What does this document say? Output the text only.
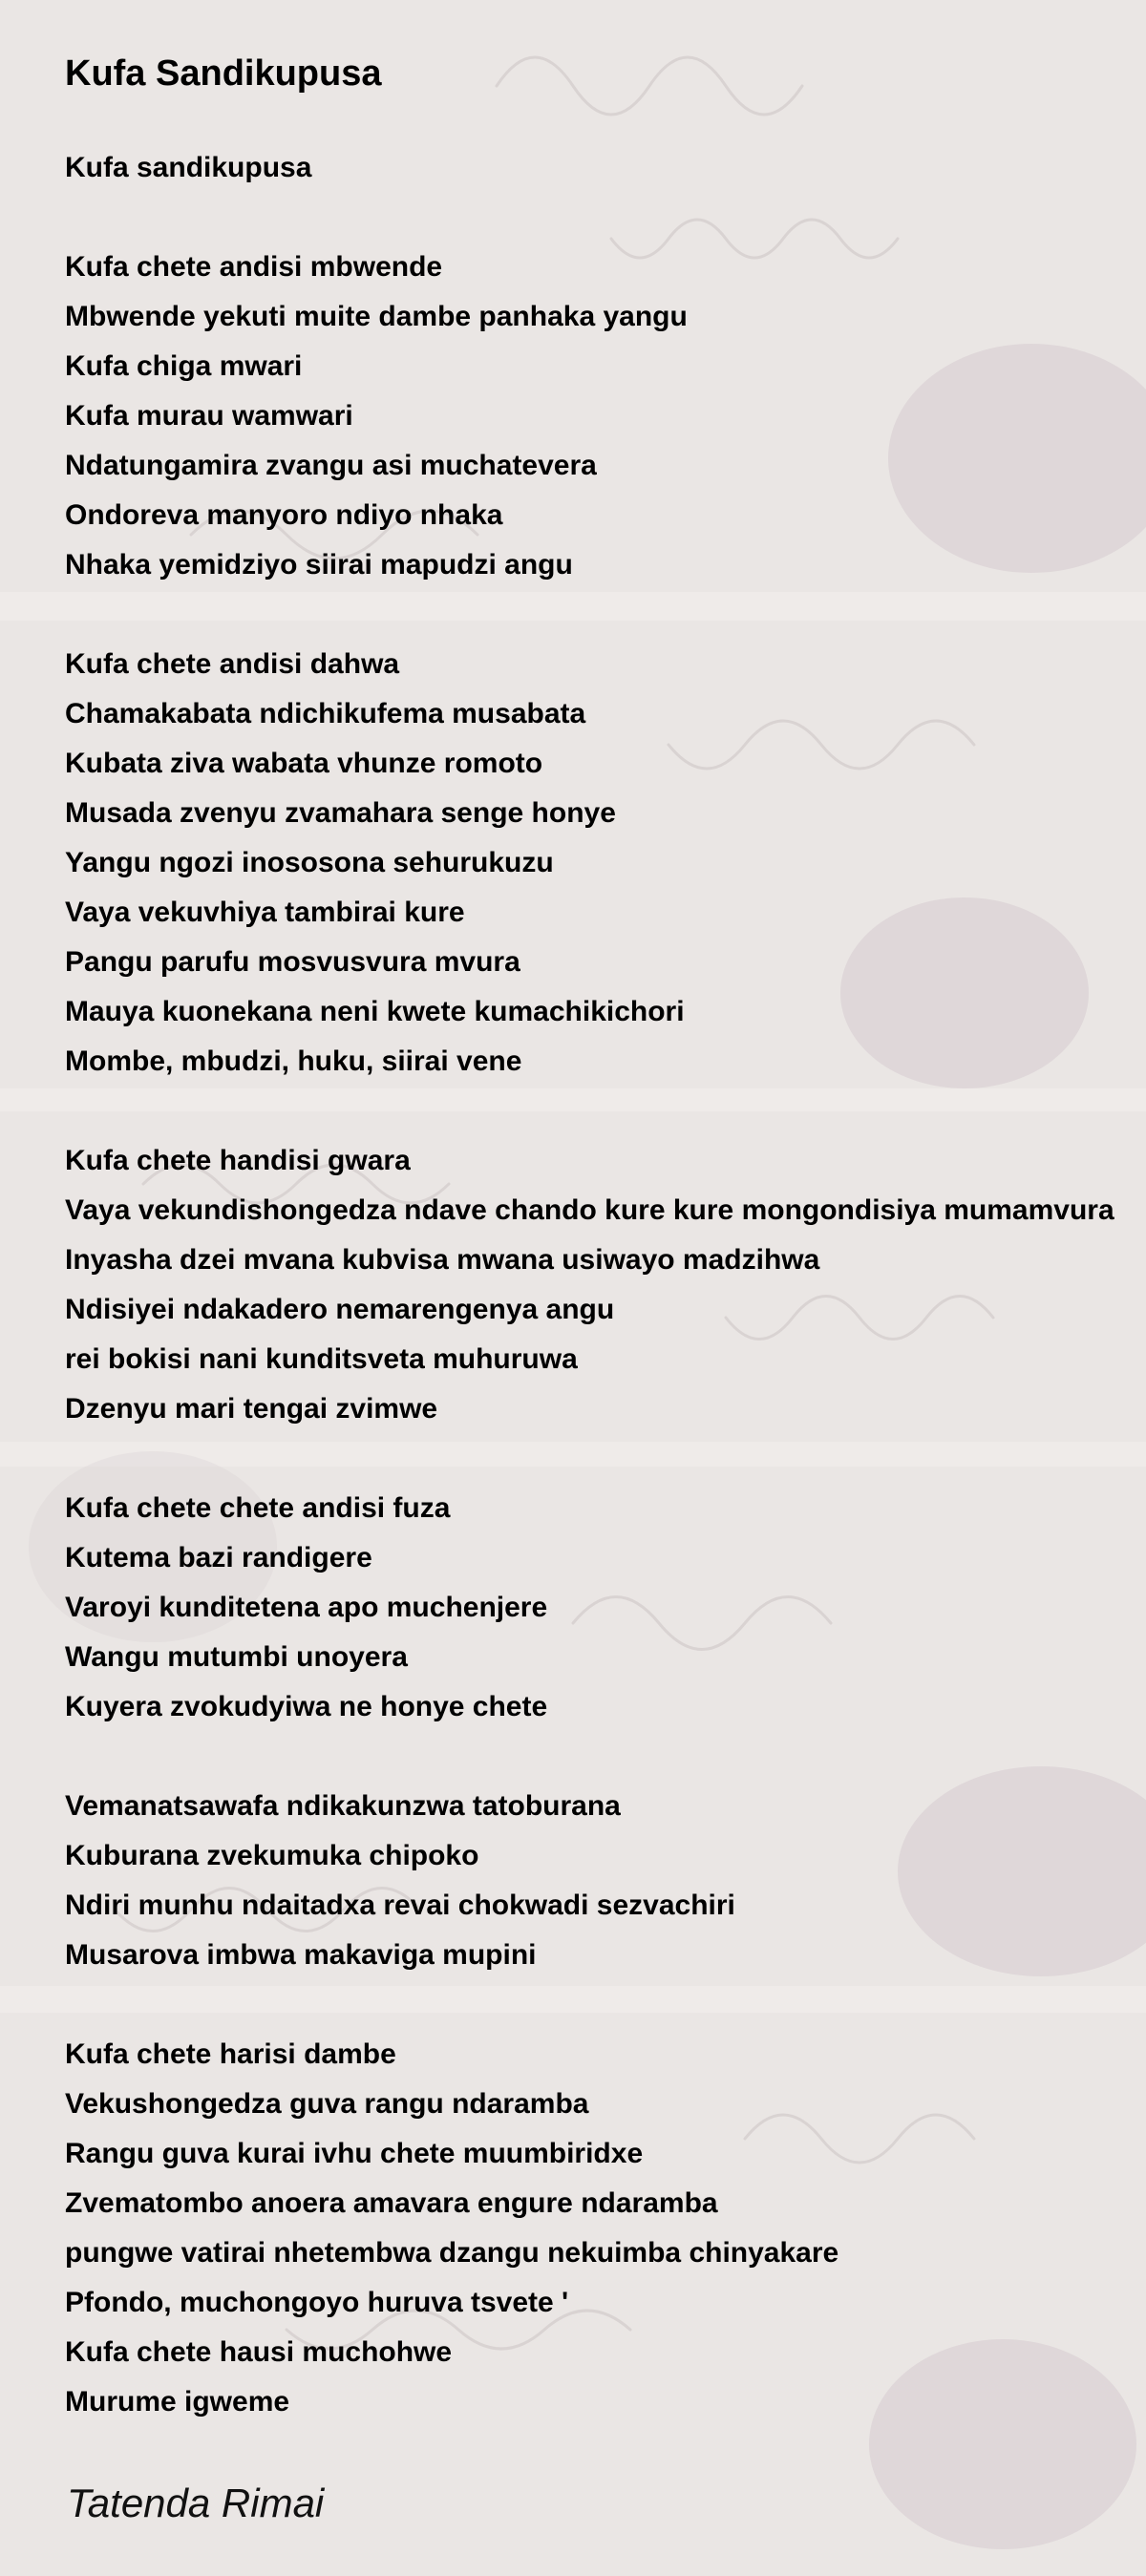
Kufa Sandikupusa
Kufa sandikupusa
Kufa chete andisi mbwende
Mbwende yekuti muite dambe panhaka yangu
Kufa chiga mwari
Kufa murau wamwari
Ndatungamira zvangu asi muchatevera
Ondoreva manyoro ndiyo nhaka
Nhaka yemidziyo siirai mapudzi angu
Kufa chete andisi dahwa
Chamakabata ndichikufema musabata
Kubata ziva wabata vhunze romoto
Musada zvenyu zvamahara senge honye
Yangu ngozi inososona sehurukuzu
Vaya vekuvhiya tambirai kure
Pangu parufu mosvusvura mvura
Mauya kuonekana neni kwete kumachikichori
Mombe, mbudzi, huku, siirai vene
Kufa chete handisi gwara
Vaya vekundishongedza ndave chando kure kure mongondisiya mumamvura
Inyasha dzei mvana kubvisa mwana usiwayo madzihwa
Ndisiyei ndakadero nemarengenya angu
rei bokisi nani kunditsveta muhuruwa
Dzenyu mari tengai zvimwe
Kufa chete chete andisi fuza
Kutema bazi randigere
Varoyi kunditetena apo muchenjere
Wangu mutumbi unoyera
Kuyera zvokudyiwa ne honye chete
Vemanatsawafa ndikakunzwa tatoburana
Kuburana zvekumuka chipoko
Ndiri munhu ndaitadxa revai chokwadi sezvachiri
Musarova imbwa makaviga mupini
Kufa chete harisi dambe
Vekushongedza guva rangu ndaramba
Rangu guva kurai ivhu chete muumbiridxe
Zvematombo anoera amavara engure ndaramba
pungwe vatirai nhetembwa dzangu nekuimba chinyakare
Pfondo, muchongoyo huruva tsvete '
Kufa chete hausi muchohwe
Murume igweme
Tatenda Rimai
